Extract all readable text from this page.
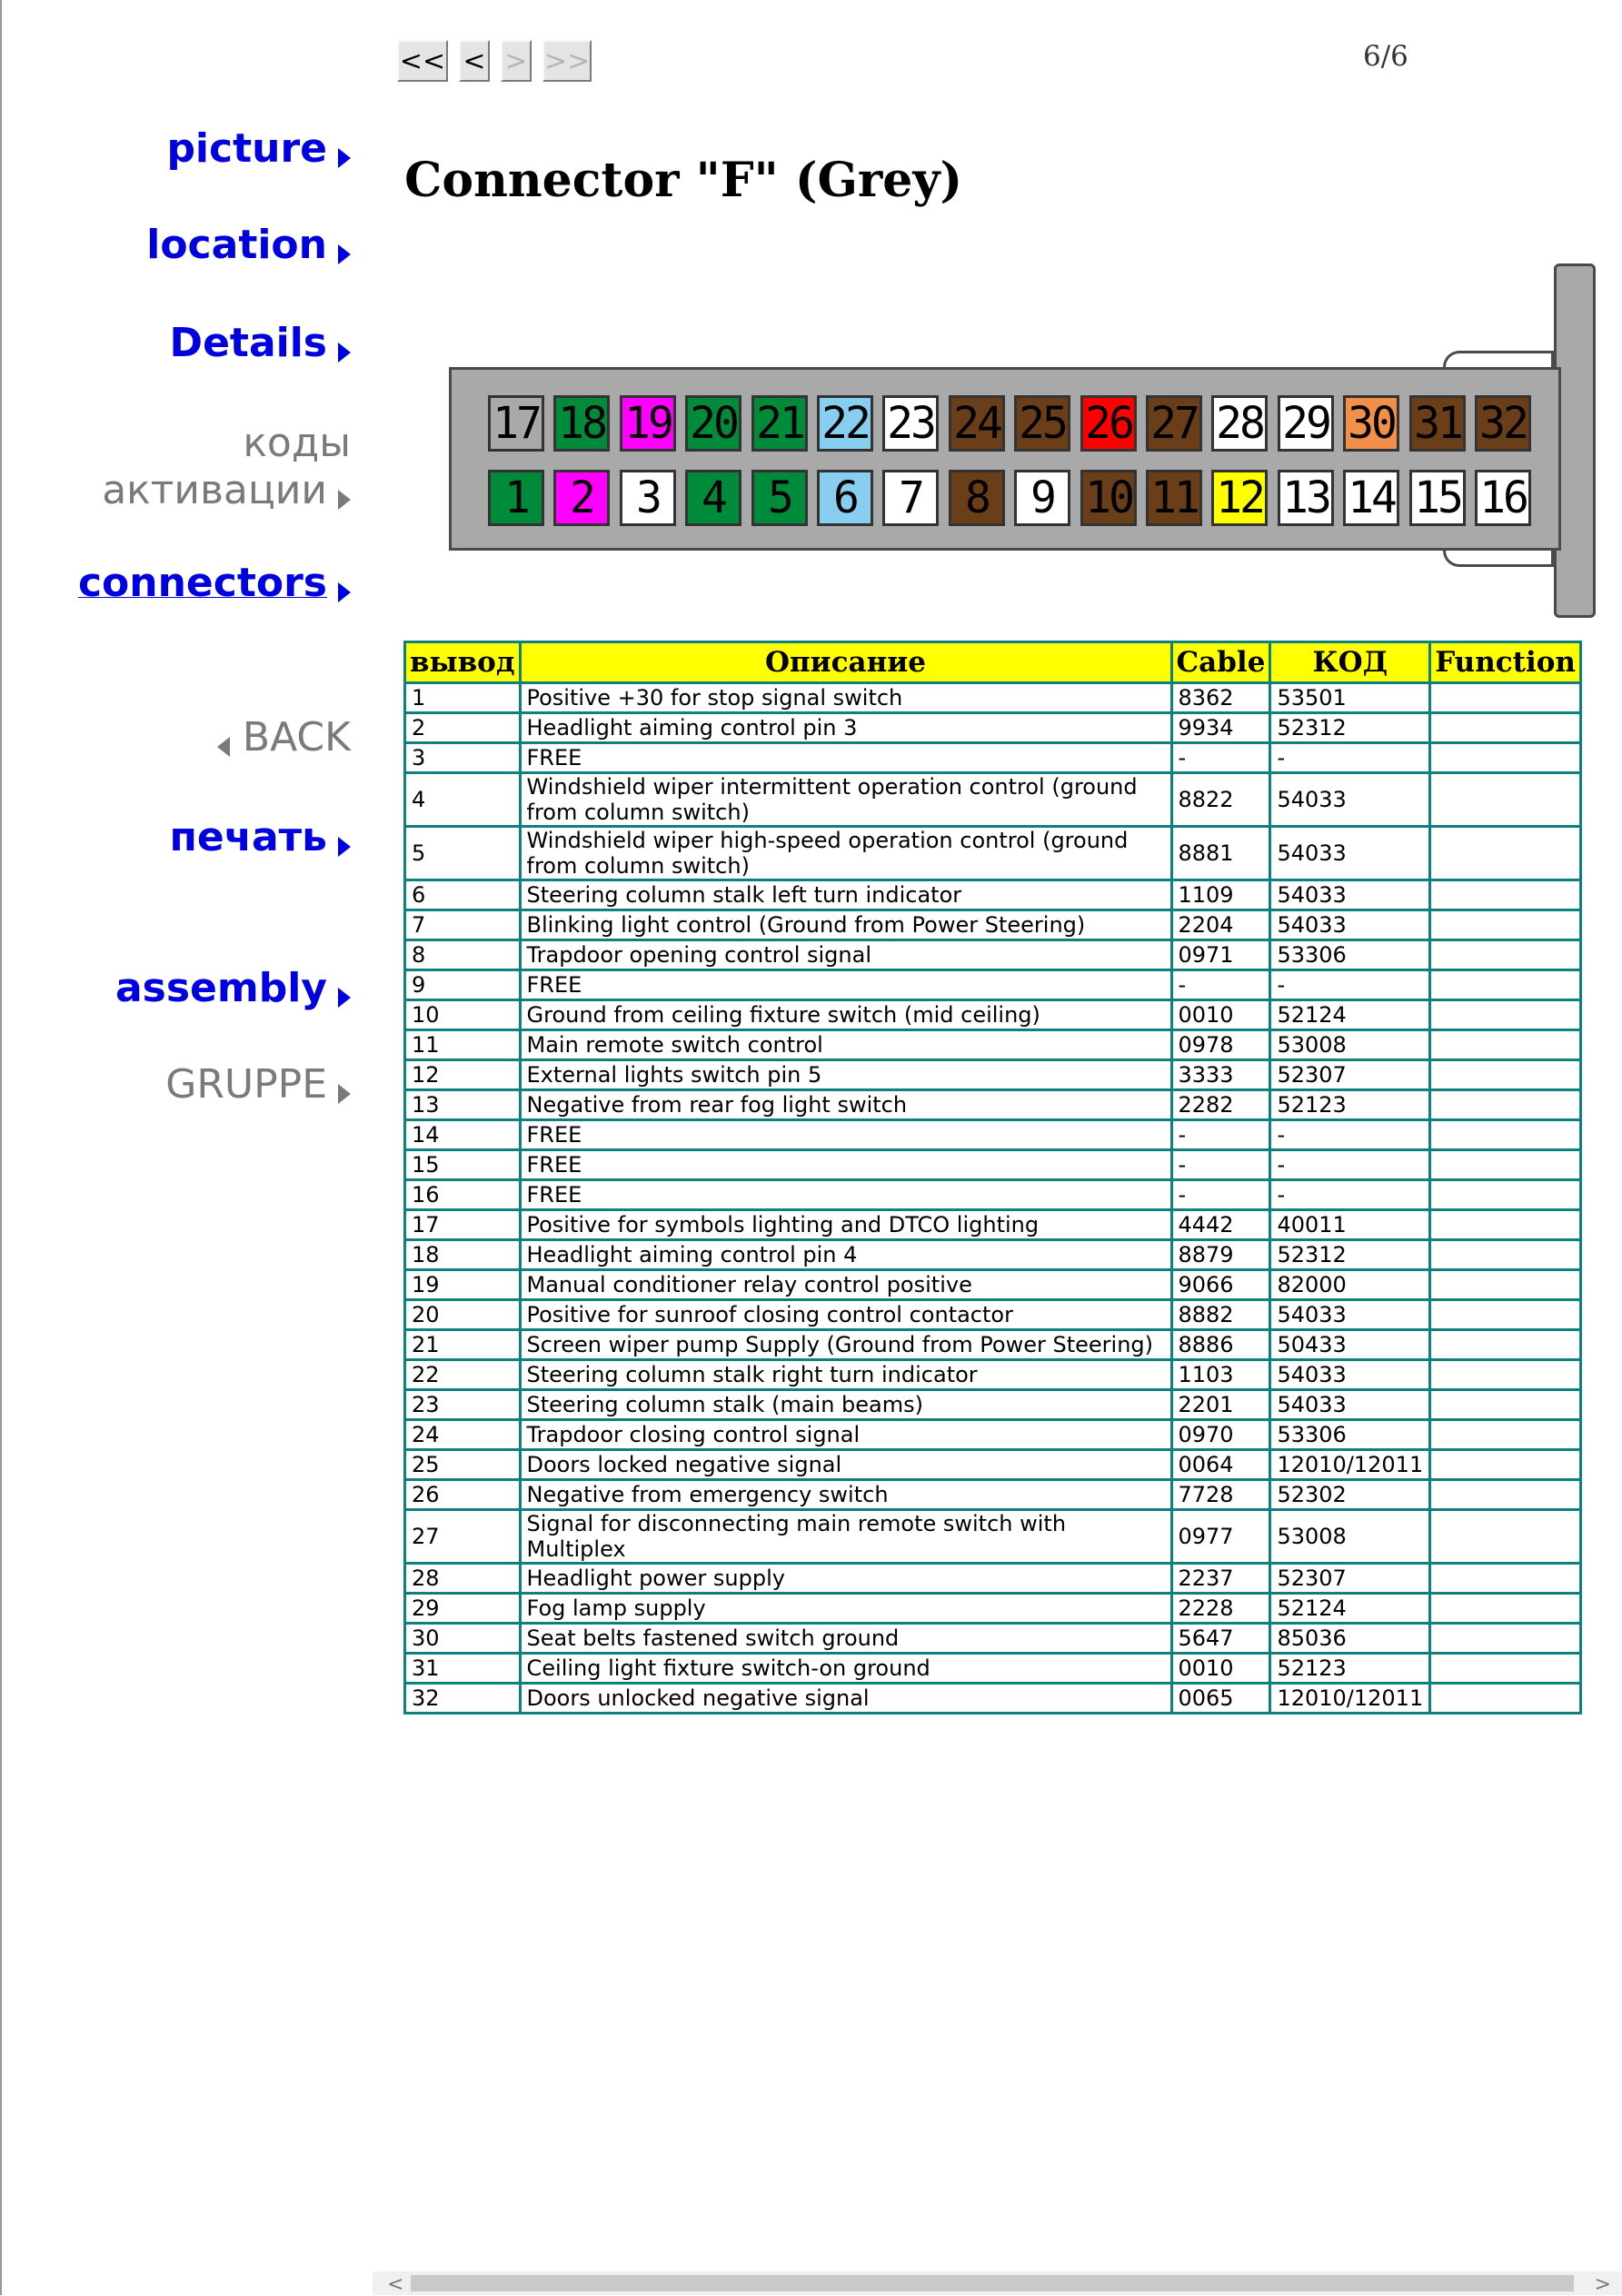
<< < > >>	6/6
picture
location
Details
коды
активации
connectors
BACK
печать
assembly
GRUPPE
Connector "F" (Grey)
17 18 19 20 21 22 23 24 25 26 27 28 29 30 31 32
1 2 3 4 5 6 7 8 9 10 11 12 13 14 15 16
вывод	Описание	Cable	КОД	Function
1	Positive +30 for stop signal switch	8362	53501	
2	Headlight aiming control pin 3	9934	52312	
3	FREE	-	-	
4	Windshield wiper intermittent operation control (ground from column switch)	8822	54033	
5	Windshield wiper high-speed operation control (ground from column switch)	8881	54033	
6	Steering column stalk left turn indicator	1109	54033	
7	Blinking light control (Ground from Power Steering)	2204	54033	
8	Trapdoor opening control signal	0971	53306	
9	FREE	-	-	
10	Ground from ceiling fixture switch (mid ceiling)	0010	52124	
11	Main remote switch control	0978	53008	
12	External lights switch pin 5	3333	52307	
13	Negative from rear fog light switch	2282	52123	
14	FREE	-	-	
15	FREE	-	-	
16	FREE	-	-	
17	Positive for symbols lighting and DTCO lighting	4442	40011	
18	Headlight aiming control pin 4	8879	52312	
19	Manual conditioner relay control positive	9066	82000	
20	Positive for sunroof closing control contactor	8882	54033	
21	Screen wiper pump Supply (Ground from Power Steering)	8886	50433	
22	Steering column stalk right turn indicator	1103	54033	
23	Steering column stalk (main beams)	2201	54033	
24	Trapdoor closing control signal	0970	53306	
25	Doors locked negative signal	0064	12010/12011	
26	Negative from emergency switch	7728	52302	
27	Signal for disconnecting main remote switch with Multiplex	0977	53008	
28	Headlight power supply	2237	52307	
29	Fog lamp supply	2228	52124	
30	Seat belts fastened switch ground	5647	85036	
31	Ceiling light fixture switch-on ground	0010	52123	
32	Doors unlocked negative signal	0065	12010/12011	
<	>
